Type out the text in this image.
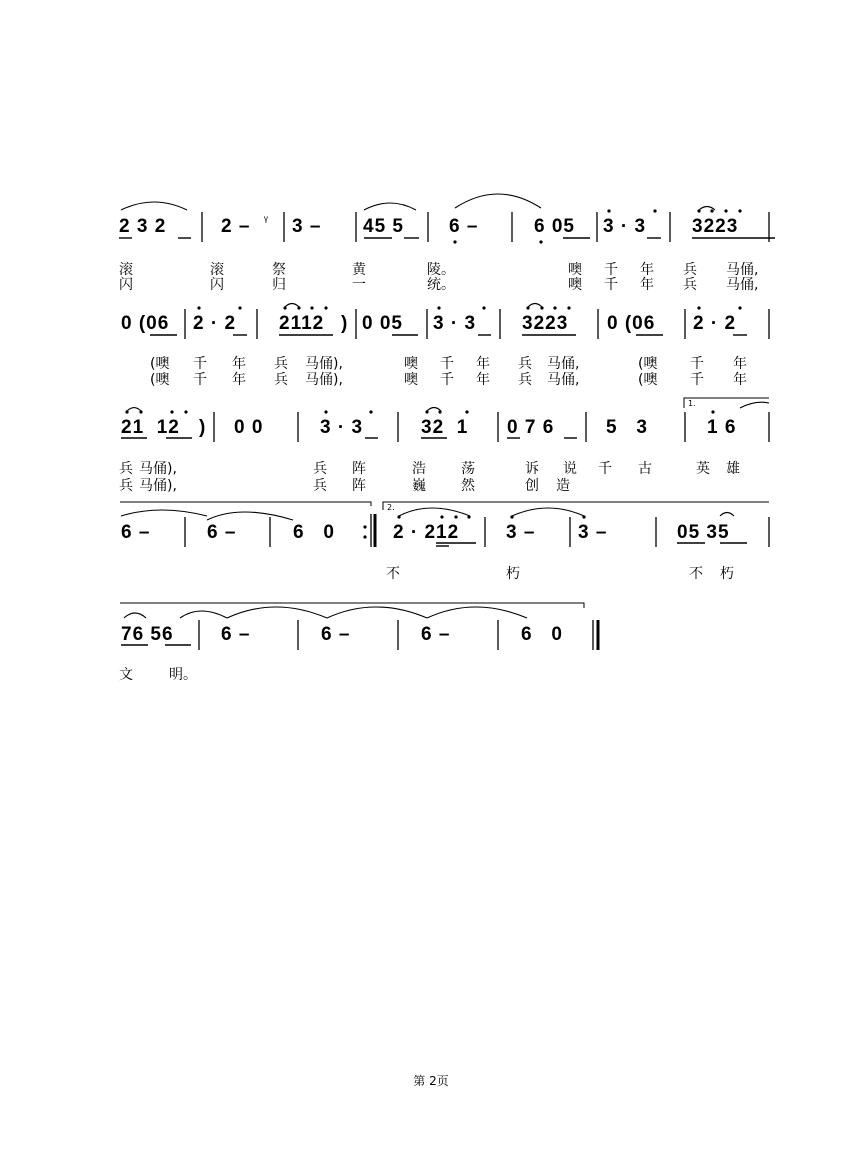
2 3 2	2 – ᵞ 3 – 45 5 6 –	6 05 3 · 3 3223
滚	滚	祭	黄	陵。	噢 千 年 兵 马俑,
闪	闪	归	一	统。	噢 千 年 兵 马俑,
0 (06 2 · 2 2112 ) 0 05 3 · 3 3223 0 (06 2 · 2
(噢 千 年 兵 马俑),	噢 千 年 兵 马俑,	(噢 千 年
(噢 千 年 兵 马俑),	噢 千 年 兵 马俑,	(噢 千 年
21  12 ) 0 0	3 · 3	32  1 0 7 6	5   3	1 6
1.
兵 马俑),	兵 阵	浩	荡	诉 说 千 古	英 雄
兵 马俑),	兵 阵	巍	然	创 造
6 –	6 –	6   0	2 · 212 3 – 3 –	05 35
2.
不	朽	不 朽
76 56 6 –	6 –	6 –	6   0
文	明。
第 2页
